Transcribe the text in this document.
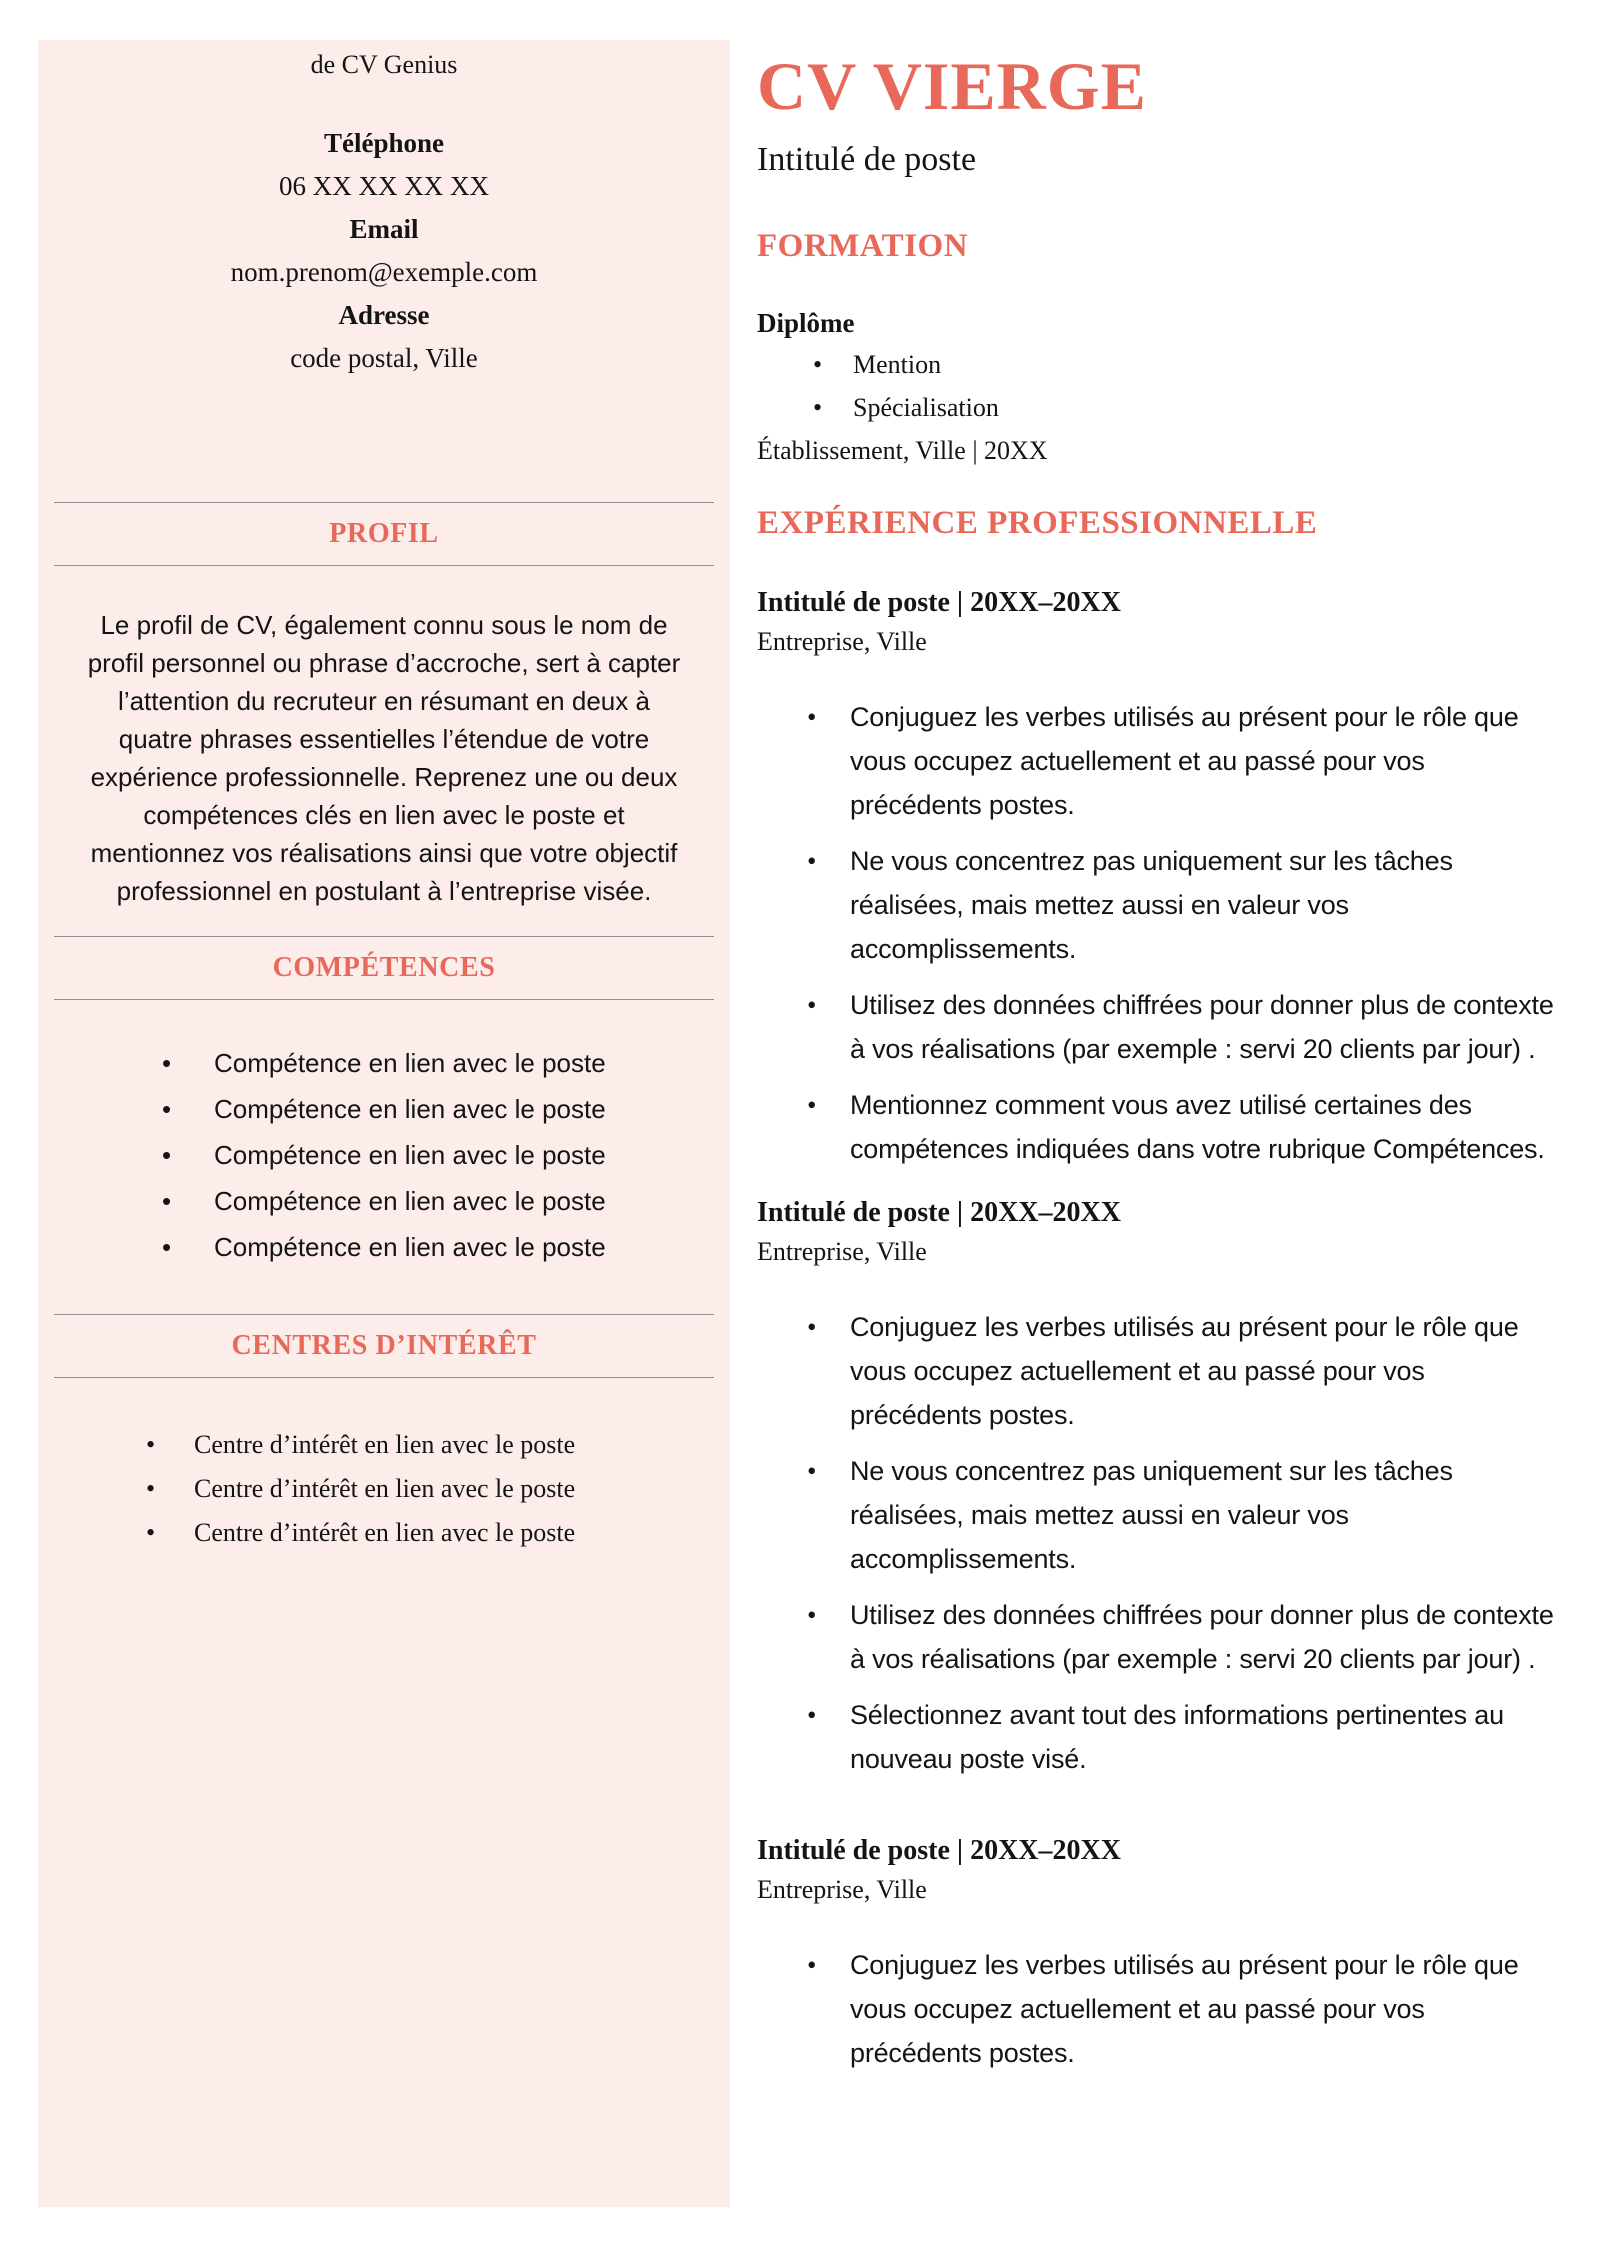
de CV Genius

Téléphone
06 XX XX XX XX
Email
nom.prenom@exemple.com
Adresse
code postal, Ville
PROFIL

Le profil de CV, également connu sous le nom de profil personnel ou phrase d’accroche, sert à capter l’attention du recruteur en résumant en deux à quatre phrases essentielles l’étendue de votre expérience professionnelle. Reprenez une ou deux compétences clés en lien avec le poste et mentionnez vos réalisations ainsi que votre objectif professionnel en postulant à l’entreprise visée.

COMPÉTENCES
• Compétence en lien avec le poste
• Compétence en lien avec le poste
• Compétence en lien avec le poste
• Compétence en lien avec le poste
• Compétence en lien avec le poste
CENTRES D’INTÉRÊT
• Centre d’intérêt en lien avec le poste
• Centre d’intérêt en lien avec le poste
• Centre d’intérêt en lien avec le poste
CV VIERGE

Intitulé de poste

FORMATION

Diplôme

• Mention
• Spécialisation

Établissement, Ville | 20XX

EXPÉRIENCE PROFESSIONNELLE
Intitulé de poste | 20XX–20XX

Entreprise, Ville

• Conjuguez les verbes utilisés au présent pour le rôle que vous occupez actuellement et au passé pour vos précédents postes.
• Ne vous concentrez pas uniquement sur les tâches réalisées, mais mettez aussi en valeur vos accomplissements.
• Utilisez des données chiffrées pour donner plus de contexte à vos réalisations (par exemple : servi 20 clients par jour) .
• Mentionnez comment vous avez utilisé certaines des compétences indiquées dans votre rubrique Compétences.
Intitulé de poste | 20XX–20XX

Entreprise, Ville

• Conjuguez les verbes utilisés au présent pour le rôle que vous occupez actuellement et au passé pour vos précédents postes.
• Ne vous concentrez pas uniquement sur les tâches réalisées, mais mettez aussi en valeur vos accomplissements.
• Utilisez des données chiffrées pour donner plus de contexte à vos réalisations (par exemple : servi 20 clients par jour) .
• Sélectionnez avant tout des informations pertinentes au nouveau poste visé.
Intitulé de poste | 20XX–20XX

Entreprise, Ville

• Conjuguez les verbes utilisés au présent pour le rôle que vous occupez actuellement et au passé pour vos précédents postes.
